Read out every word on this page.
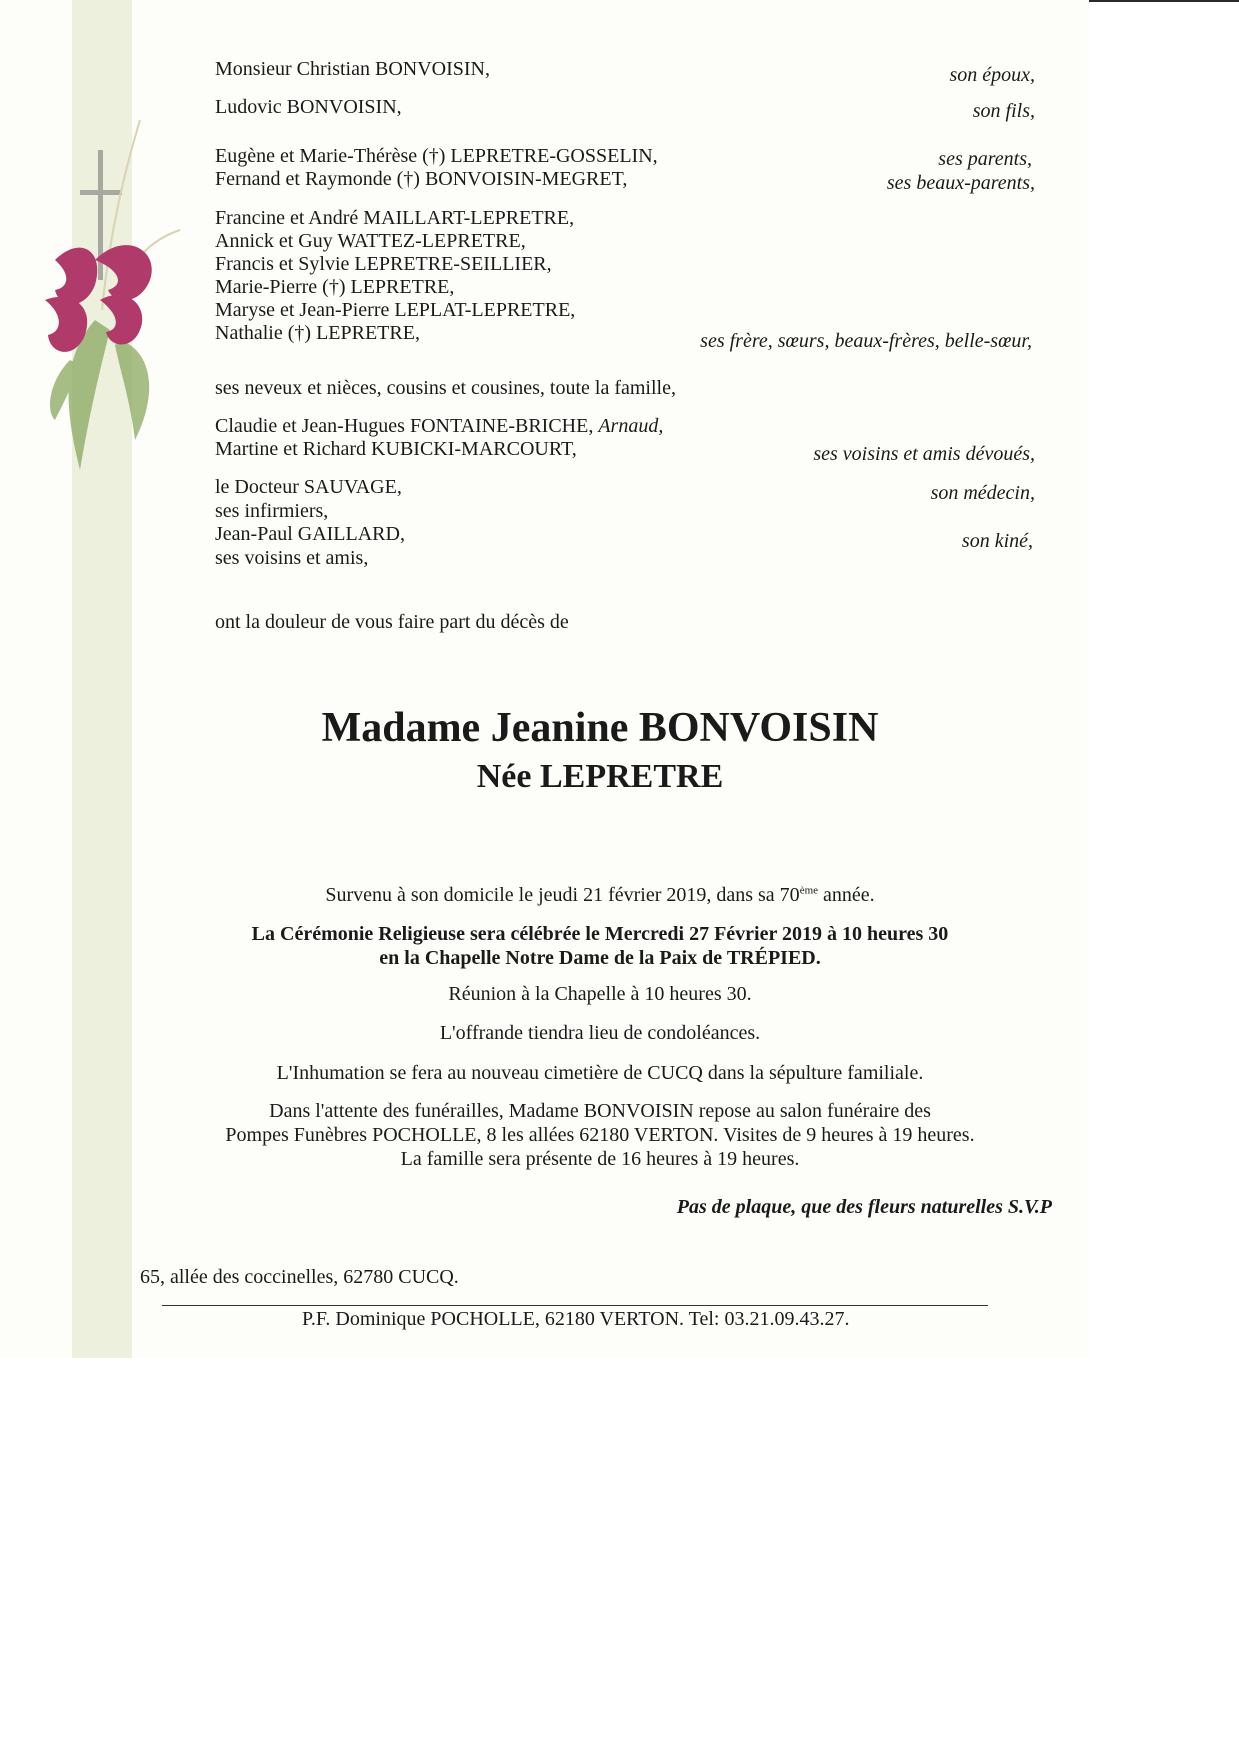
Monsieur Christian BONVOISIN,	son époux,
Ludovic BONVOISIN,	son fils,
Eugène et Marie-Thérèse (†) LEPRETRE-GOSSELIN,
Fernand et Raymonde (†) BONVOISIN-MEGRET,
ses parents,
ses beaux-parents,
Francine et André MAILLART-LEPRETRE,
Annick et Guy WATTEZ-LEPRETRE,
Francis et Sylvie LEPRETRE-SEILLIER,
Marie-Pierre (†) LEPRETRE,
Maryse et Jean-Pierre LEPLAT-LEPRETRE,
Nathalie (†) LEPRETRE,	ses frère, sœurs, beaux-frères, belle-sœur,
ses neveux et nièces, cousins et cousines, toute la famille,
Claudie et Jean-Hugues FONTAINE-BRICHE, Arnaud,
Martine et Richard KUBICKI-MARCOURT,	ses voisins et amis dévoués,
le Docteur SAUVAGE,	son médecin,
ses infirmiers,
Jean-Paul GAILLARD,	son kiné,
ses voisins et amis,
ont la douleur de vous faire part du décès de
Madame Jeanine BONVOISIN
Née LEPRETRE
Survenu à son domicile le jeudi 21 février 2019, dans sa 70ème année.
La Cérémonie Religieuse sera célébrée le Mercredi 27 Février 2019 à 10 heures 30
en la Chapelle Notre Dame de la Paix de TRÉPIED.
Réunion à la Chapelle à 10 heures 30.
L'offrande tiendra lieu de condoléances.
L'Inhumation se fera au nouveau cimetière de CUCQ dans la sépulture familiale.
Dans l'attente des funérailles, Madame BONVOISIN repose au salon funéraire des
Pompes Funèbres POCHOLLE, 8 les allées 62180 VERTON. Visites de 9 heures à 19 heures.
La famille sera présente de 16 heures à 19 heures.
Pas de plaque, que des fleurs naturelles S.V.P
65, allée des coccinelles, 62780 CUCQ.
P.F. Dominique POCHOLLE, 62180 VERTON. Tel: 03.21.09.43.27.
